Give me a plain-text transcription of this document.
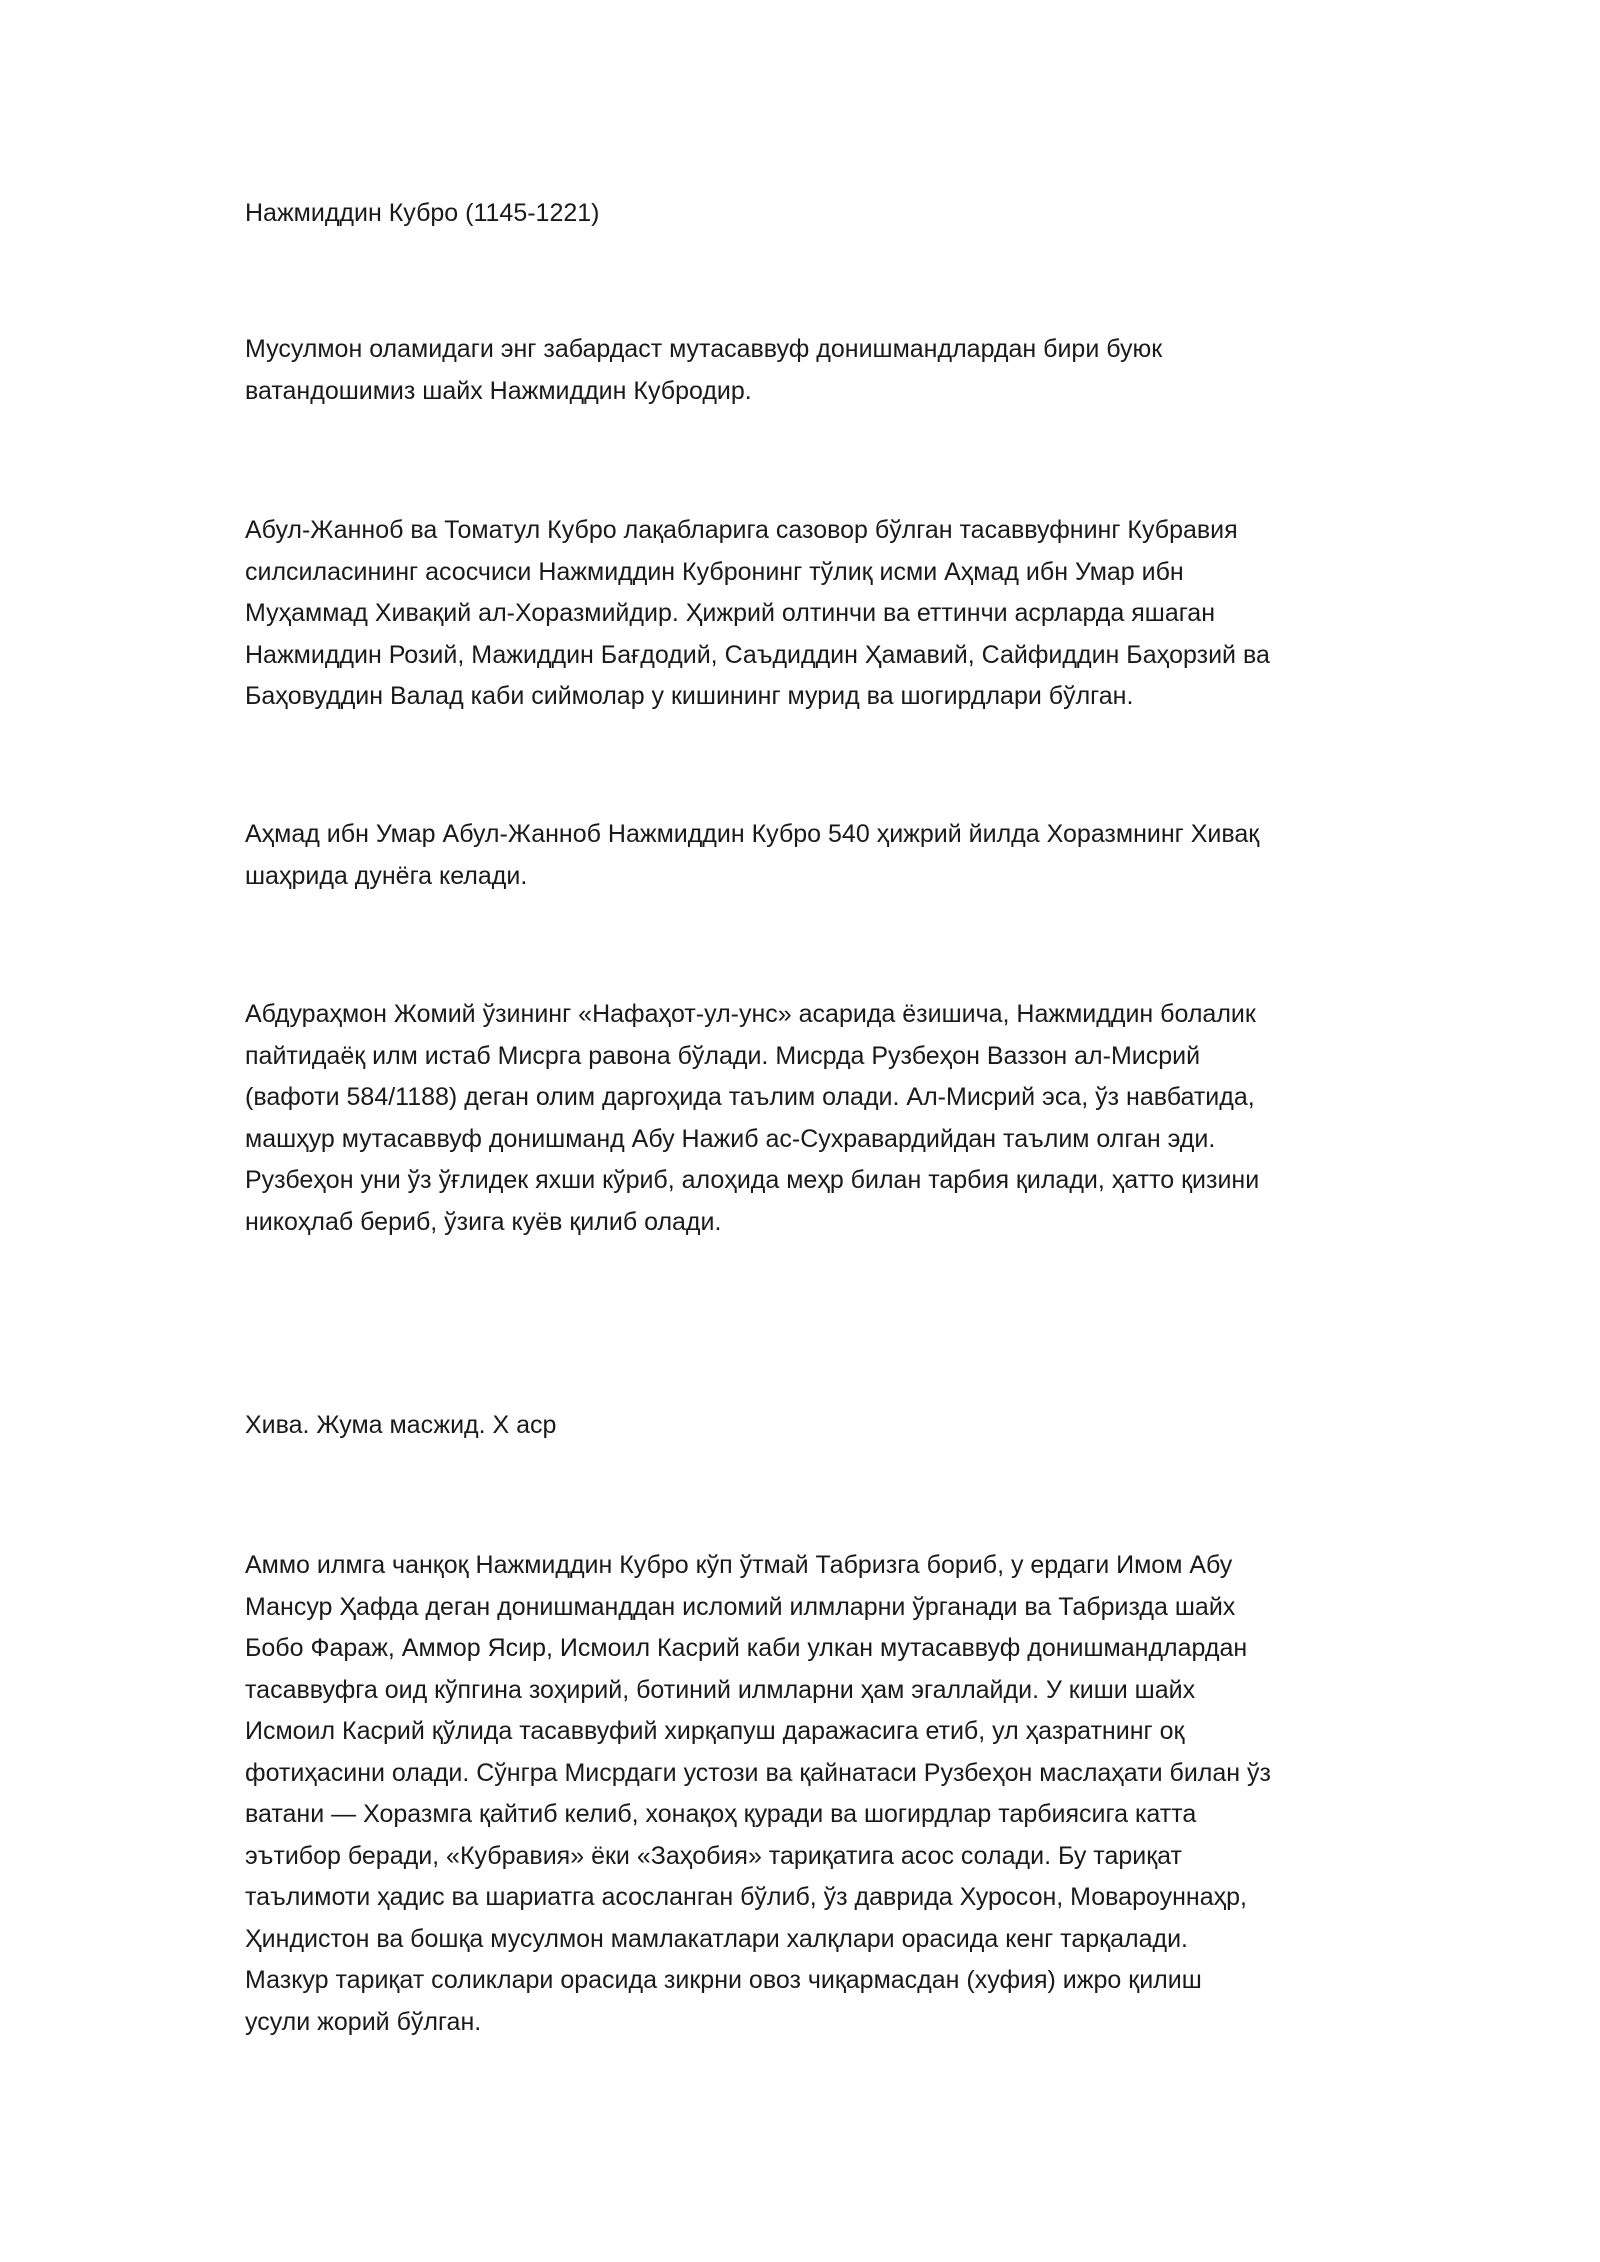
Нажмиддин Кубро (1145-1221)

Мусулмон оламидаги энг забардаст мутасаввуф донишмандлардан бири буюк
ватандошимиз шайх Нажмиддин Кубродир.

Абул-Жанноб ва Томатул Кубро лақабларига сазовор бўлган тасаввуфнинг Кубравия
силсиласининг асосчиси Нажмиддин Кубронинг тўлиқ исми Аҳмад ибн Умар ибн
Муҳаммад Хивақий ал-Хоразмийдир. Ҳижрий олтинчи ва еттинчи асрларда яшаган
Нажмиддин Розий, Мажиддин Бағдодий, Саъдиддин Ҳамавий, Сайфиддин Баҳорзий ва
Баҳовуддин Валад каби сиймолар у кишининг мурид ва шогирдлари бўлган.

Аҳмад ибн Умар Абул-Жанноб Нажмиддин Кубро 540 ҳижрий йилда Хоразмнинг Хивақ
шаҳрида дунёга келади.

Абдураҳмон Жомий ўзининг «Нафаҳот-ул-унс» асарида ёзишича, Нажмиддин болалик
пайтидаёқ илм истаб Мисрга равона бўлади. Мисрда Рузбеҳон Ваззон ал-Мисрий
(вафоти 584/1188) деган олим даргоҳида таълим олади. Ал-Мисрий эса, ўз навбатида,
машҳур мутасаввуф донишманд Абу Нажиб ас-Сухравардийдан таълим олган эди.
Рузбеҳон уни ўз ўғлидек яхши кўриб, алоҳида меҳр билан тарбия қилади, ҳатто қизини
никоҳлаб бериб, ўзига куёв қилиб олади.

Хива. Жума масжид. Х аср

Аммо илмга чанқоқ Нажмиддин Кубро кўп ўтмай Табризга бориб, у ердаги Имом Абу
Мансур Ҳафда деган донишманддан исломий илмларни ўрганади ва Табризда шайх
Бобо Фараж, Аммор Ясир, Исмоил Касрий каби улкан мутасаввуф донишмандлардан
тасаввуфга оид кўпгина зоҳирий, ботиний илмларни ҳам эгаллайди. У киши шайх
Исмоил Касрий қўлида тасаввуфий хирқапуш даражасига етиб, ул ҳазратнинг оқ
фотиҳасини олади. Сўнгра Мисрдаги устози ва қайнатаси Рузбеҳон маслаҳати билан ўз
ватани — Хоразмга қайтиб келиб, хонақоҳ қуради ва шогирдлар тарбиясига катта
эътибор беради, «Кубравия» ёки «Заҳобия» тариқатига асос солади. Бу тариқат
таълимоти ҳадис ва шариатга асосланган бўлиб, ўз даврида Хуросон, Мовароуннаҳр,
Ҳиндистон ва бошқа мусулмон мамлакатлари халқлари орасида кенг тарқалади.
Мазкур тариқат соликлари орасида зикрни овоз чиқармасдан (хуфия) ижро қилиш
усули жорий бўлган.
